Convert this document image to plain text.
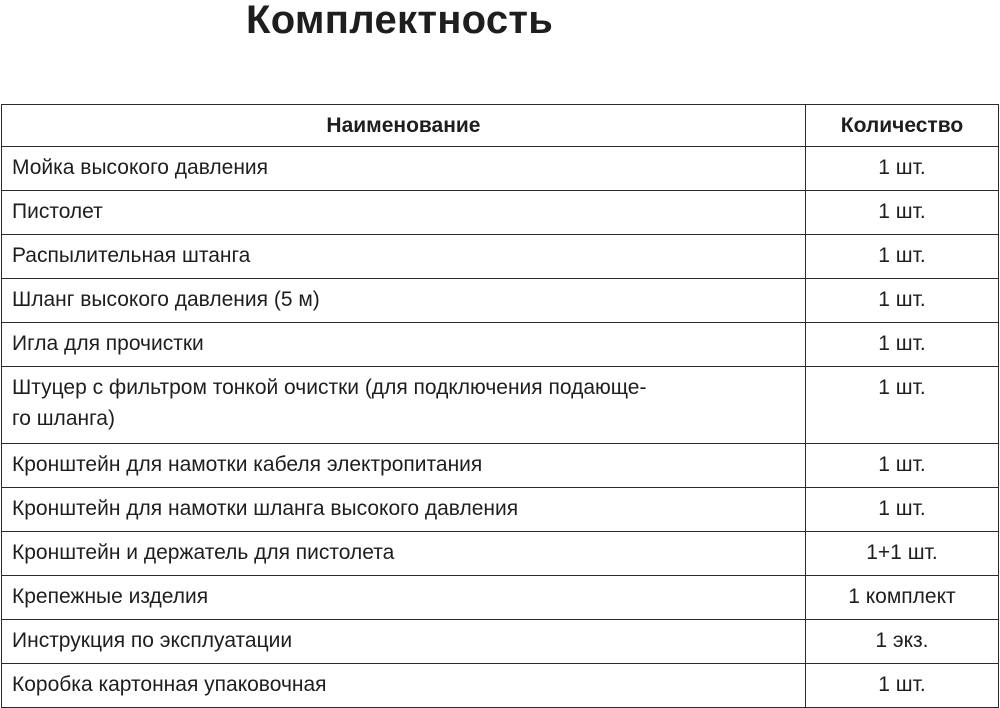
Комплектность
Наименование	Количество
Мойка высокого давления	1 шт.
Пистолет	1 шт.
Распылительная штанга	1 шт.
Шланг высокого давления (5 м)	1 шт.
Игла для прочистки	1 шт.
Штуцер с фильтром тонкой очистки (для подключения подающе-
го шланга)	1 шт.
Кронштейн для намотки кабеля электропитания	1 шт.
Кронштейн для намотки шланга высокого давления	1 шт.
Кронштейн и держатель для пистолета	1+1 шт.
Крепежные изделия	1 комплект
Инструкция по эксплуатации	1 экз.
Коробка картонная упаковочная	1 шт.
